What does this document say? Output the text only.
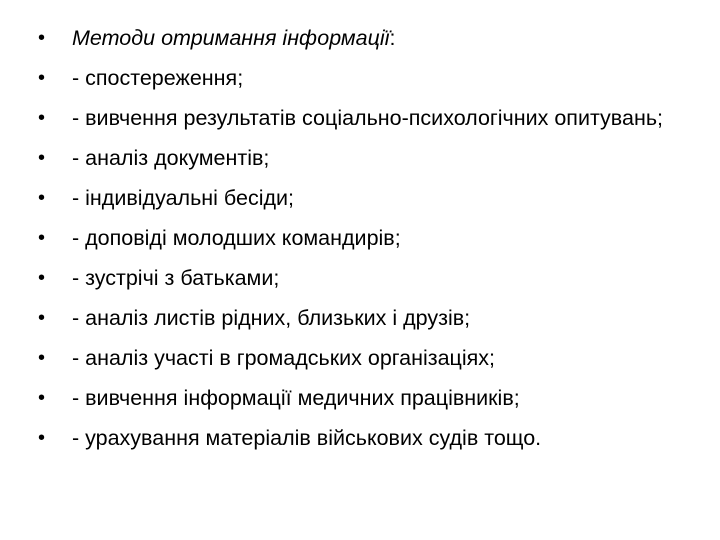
•	Методи отримання інформації:
•	- спостереження;
•	- вивчення результатів соціально-психологічних опитувань;
•	- аналіз документів;
•	- індивідуальні бесіди;
•	- доповіді молодших командирів;
•	- зустрічі з батьками;
•	- аналіз листів рідних, близьких і друзів;
•	- аналіз участі в громадських організаціях;
•	- вивчення інформації медичних працівників;
•	- урахування матеріалів військових судів тощо.
